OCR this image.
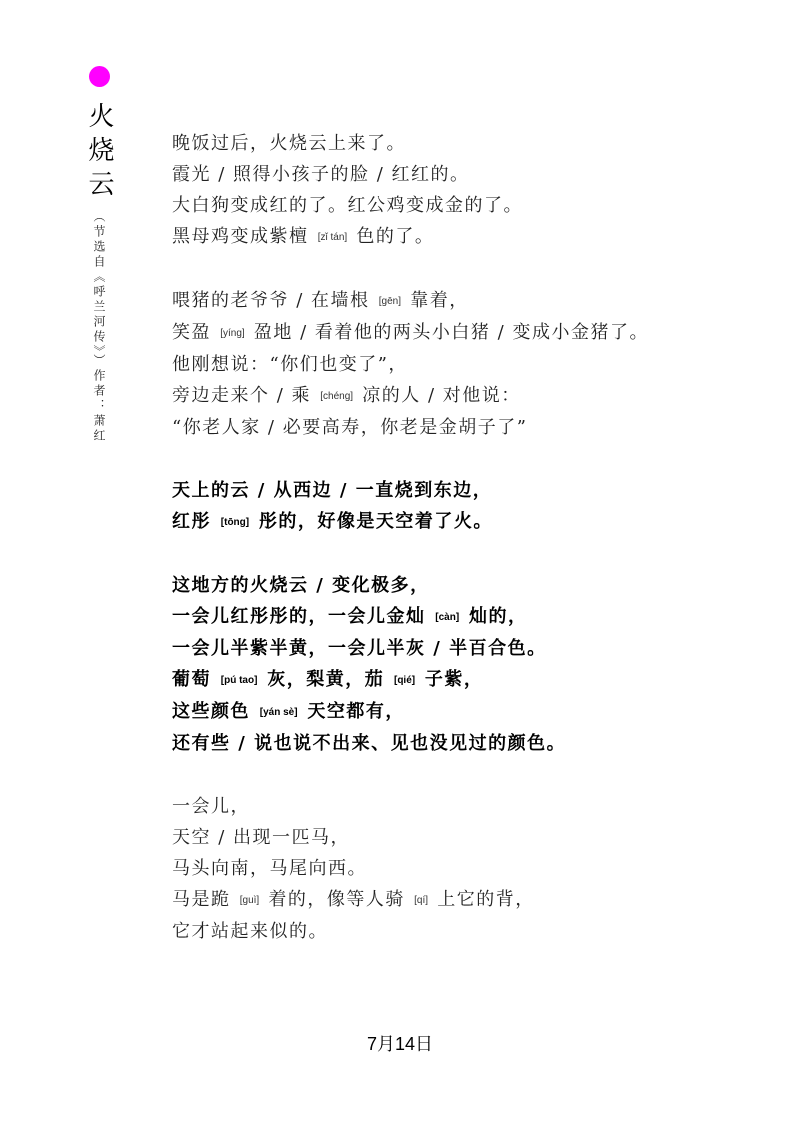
火烧云
（节选自《呼兰河传》）作者：萧红
晚饭过后，火烧云上来了。
霞光 / 照得小孩子的脸 / 红红的。
大白狗变成红的了。红公鸡变成金的了。
黑母鸡变成紫檀 [zǐ tán] 色的了。
喂猪的老爷爷 / 在墙根 [gēn] 靠着，
笑盈 [yíng] 盈地 / 看着他的两头小白猪 / 变成小金猪了。
他刚想说：“你们也变了”，
旁边走来个 / 乘 [chéng] 凉的人 / 对他说：
“你老人家 / 必要高寿，你老是金胡子了”
天上的云 / 从西边 / 一直烧到东边，
红彤 [tōng] 彤的，好像是天空着了火。
这地方的火烧云 / 变化极多，
一会儿红彤彤的，一会儿金灿 [càn] 灿的，
一会儿半紫半黄，一会儿半灰 / 半百合色。
葡萄 [pú tao] 灰，梨黄，茄 [qié] 子紫，
这些颜色 [yán sè] 天空都有，
还有些 / 说也说不出来、见也没见过的颜色。
一会儿，
天空 / 出现一匹马，
马头向南，马尾向西。
马是跪 [guì] 着的，像等人骑 [qí] 上它的背，
它才站起来似的。
7月14日
